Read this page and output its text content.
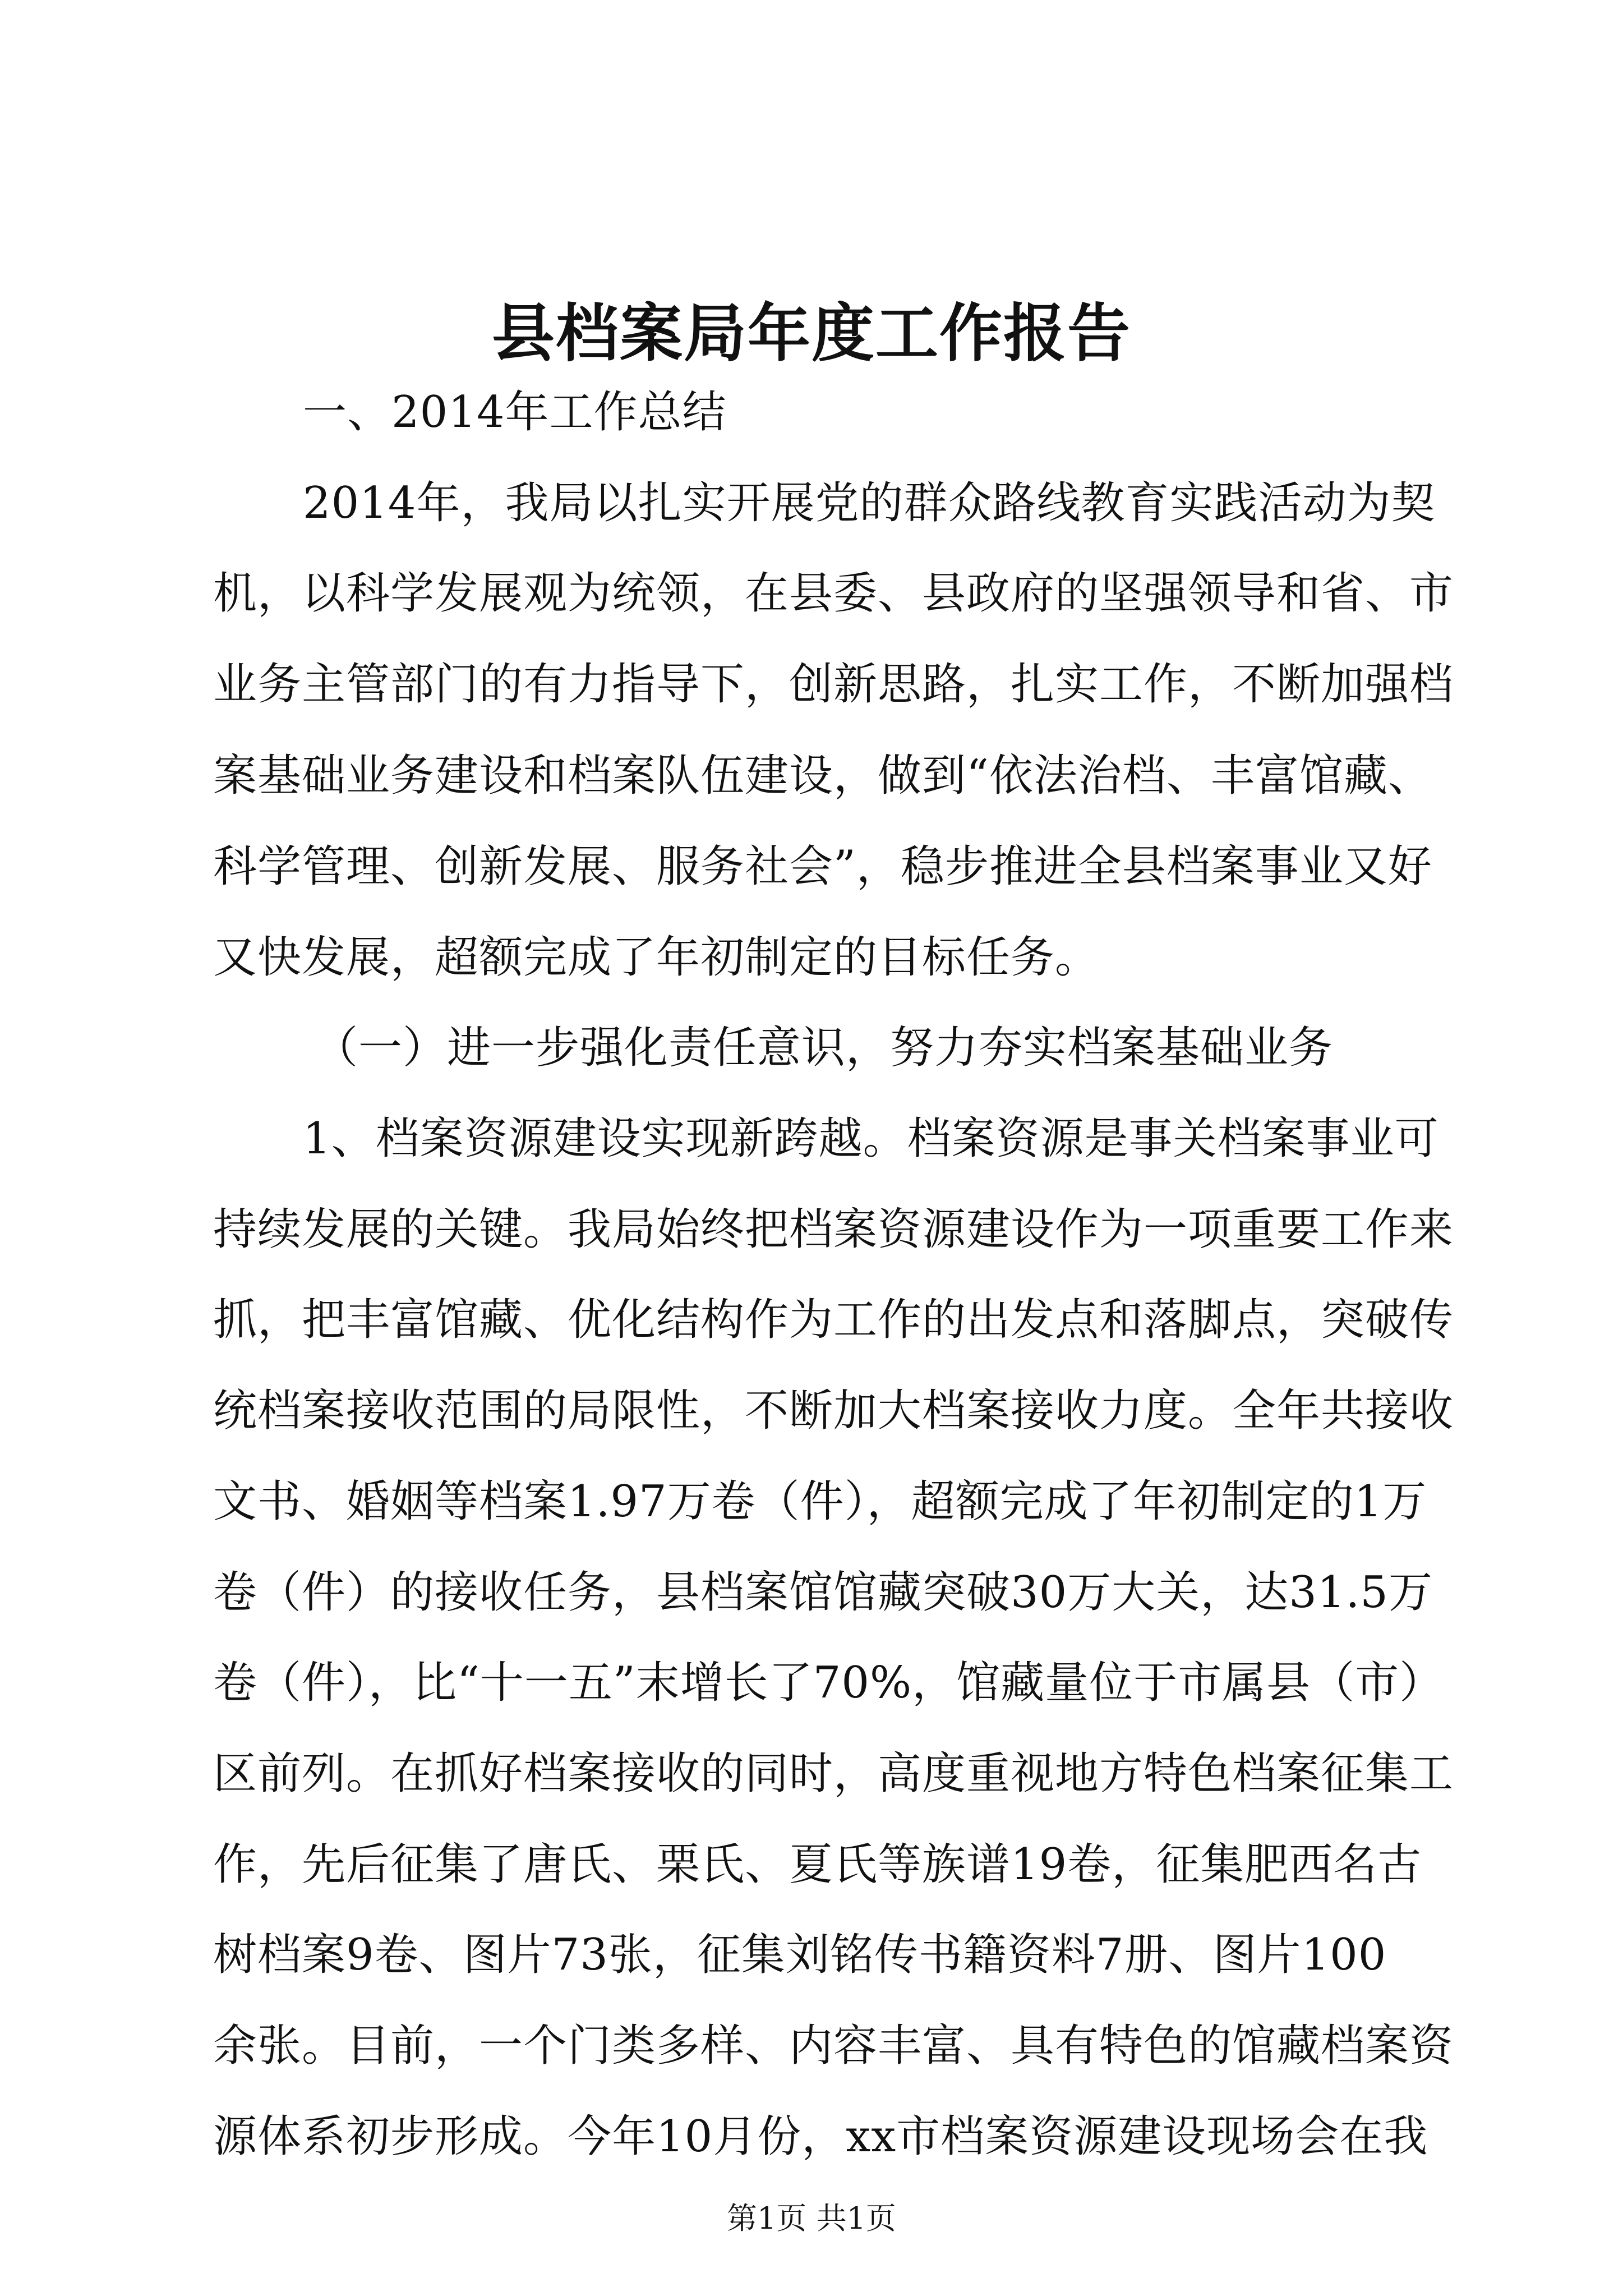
县档案局年度工作报告
一、2014年工作总结
2014年，我局以扎实开展党的群众路线教育实践活动为契
机，以科学发展观为统领，在县委、县政府的坚强领导和省、市
业务主管部门的有力指导下，创新思路，扎实工作，不断加强档
案基础业务建设和档案队伍建设，做到“依法治档、丰富馆藏、
科学管理、创新发展、服务社会”，稳步推进全县档案事业又好
又快发展，超额完成了年初制定的目标任务。
（一）进一步强化责任意识，努力夯实档案基础业务
1、档案资源建设实现新跨越。档案资源是事关档案事业可
持续发展的关键。我局始终把档案资源建设作为一项重要工作来
抓，把丰富馆藏、优化结构作为工作的出发点和落脚点，突破传
统档案接收范围的局限性，不断加大档案接收力度。全年共接收
文书、婚姻等档案1.97万卷（件），超额完成了年初制定的1万
卷（件）的接收任务，县档案馆馆藏突破30万大关，达31.5万
卷（件），比“十一五”末增长了70%，馆藏量位于市属县（市）
区前列。在抓好档案接收的同时，高度重视地方特色档案征集工
作，先后征集了唐氏、栗氏、夏氏等族谱19卷，征集肥西名古
树档案9卷、图片73张，征集刘铭传书籍资料7册、图片100
余张。目前，一个门类多样、内容丰富、具有特色的馆藏档案资
源体系初步形成。今年10月份，xx市档案资源建设现场会在我
第1页 共1页
